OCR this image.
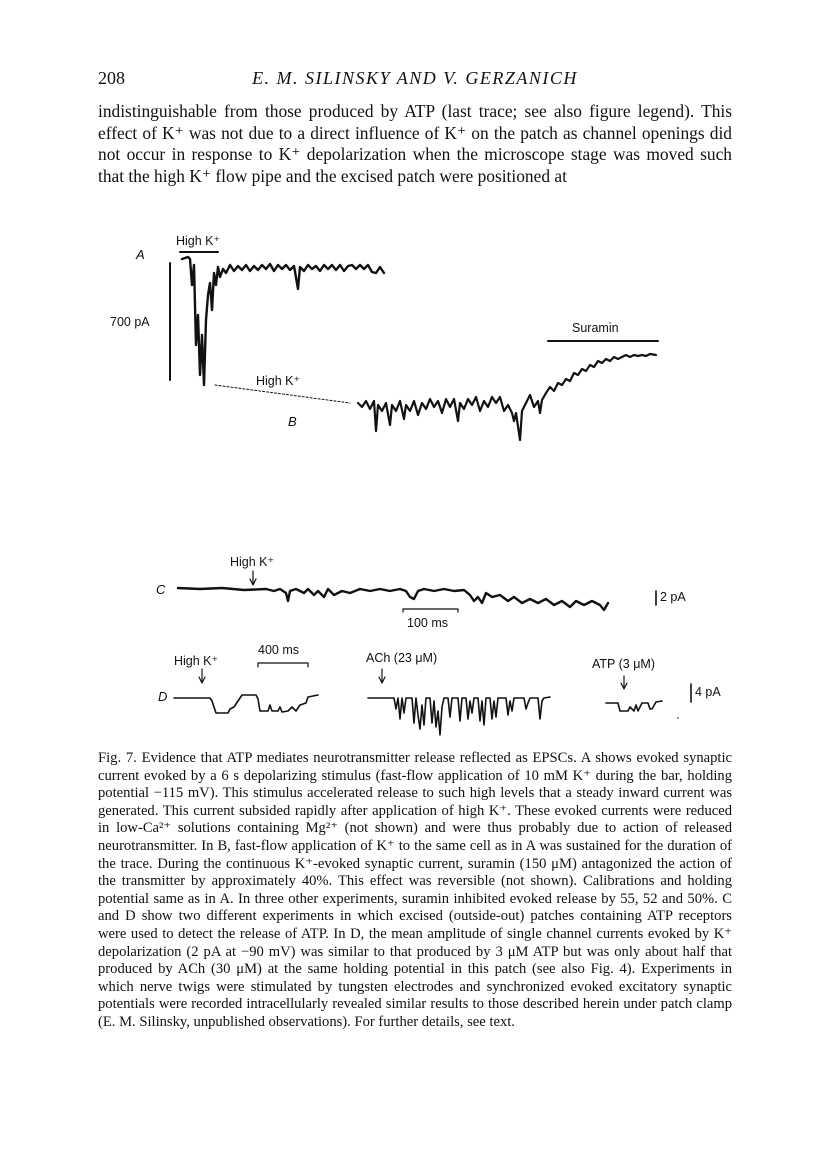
208	E. M. SILINSKY AND V. GERZANICH

indistinguishable from those produced by ATP (last trace; see also figure legend). This effect of K⁺ was not due to a direct influence of K⁺ on the patch as channel openings did not occur in response to K⁺ depolarization when the microscope stage was moved such that the high K⁺ flow pipe and the excised patch were positioned at

A
High K⁺
700 pA
High K⁺
B
Suramin
High K⁺
C
100 ms
2 pA
400 ms
High K⁺
D
ACh (23 μM)	ATP (3 μM)
4 pA

Fig. 7. Evidence that ATP mediates neurotransmitter release reflected as EPSCs. A shows evoked synaptic current evoked by a 6 s depolarizing stimulus (fast-flow application of 10 mM K⁺ during the bar, holding potential −115 mV). This stimulus accelerated release to such high levels that a steady inward current was generated. This current subsided rapidly after application of high K⁺. These evoked currents were reduced in low-Ca²⁺ solutions containing Mg²⁺ (not shown) and were thus probably due to action of released neurotransmitter. In B, fast-flow application of K⁺ to the same cell as in A was sustained for the duration of the trace. During the continuous K⁺-evoked synaptic current, suramin (150 μM) antagonized the action of the transmitter by approximately 40%. This effect was reversible (not shown). Calibrations and holding potential same as in A. In three other experiments, suramin inhibited evoked release by 55, 52 and 50%. C and D show two different experiments in which excised (outside-out) patches containing ATP receptors were used to detect the release of ATP. In D, the mean amplitude of single channel currents evoked by K⁺ depolarization (2 pA at −90 mV) was similar to that produced by 3 μM ATP but was only about half that produced by ACh (30 μM) at the same holding potential in this patch (see also Fig. 4). Experiments in which nerve twigs were stimulated by tungsten electrodes and synchronized evoked excitatory synaptic potentials were recorded intracellularly revealed similar results to those described herein under patch clamp (E. M. Silinsky, unpublished observations). For further details, see text.
